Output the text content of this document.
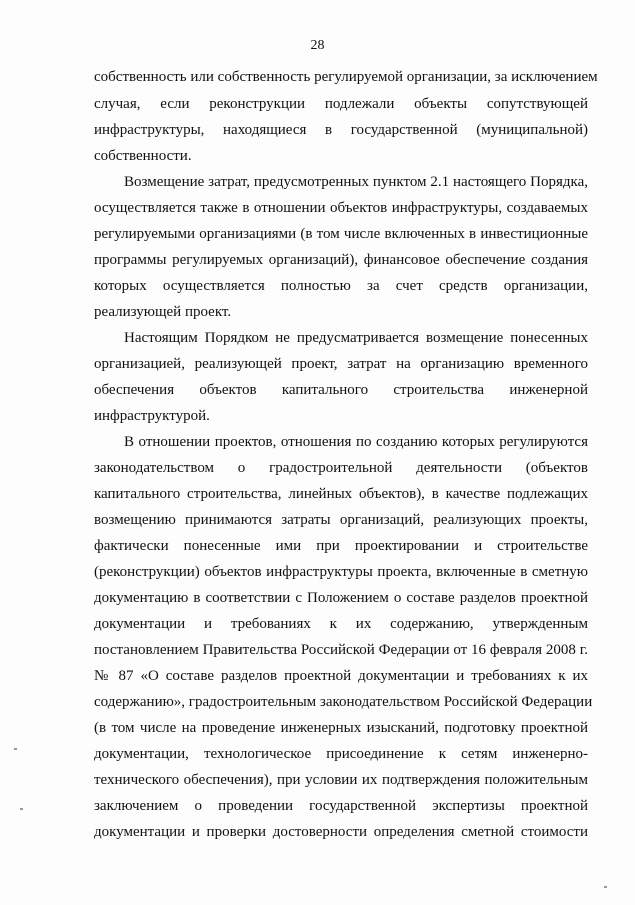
28
собственность или собственность регулируемой организации, за исключением
случая, если реконструкции подлежали объекты сопутствующей
инфраструктуры, находящиеся в государственной (муниципальной)
собственности.
Возмещение затрат, предусмотренных пунктом 2.1 настоящего Порядка,
осуществляется также в отношении объектов инфраструктуры, создаваемых
регулируемыми организациями (в том числе включенных в инвестиционные
программы регулируемых организаций), финансовое обеспечение создания
которых осуществляется полностью за счет средств организации,
реализующей проект.
Настоящим Порядком не предусматривается возмещение понесенных
организацией, реализующей проект, затрат на организацию временного
обеспечения объектов капитального строительства инженерной
инфраструктурой.
В отношении проектов, отношения по созданию которых регулируются
законодательством о градостроительной деятельности (объектов
капитального строительства, линейных объектов), в качестве подлежащих
возмещению принимаются затраты организаций, реализующих проекты,
фактически понесенные ими при проектировании и строительстве
(реконструкции) объектов инфраструктуры проекта, включенные в сметную
документацию в соответствии с Положением о составе разделов проектной
документации и требованиях к их содержанию, утвержденным
постановлением Правительства Российской Федерации от 16 февраля 2008 г.
№ 87 «О составе разделов проектной документации и требованиях к их
содержанию», градостроительным законодательством Российской Федерации
(в том числе на проведение инженерных изысканий, подготовку проектной
документации, технологическое присоединение к сетям инженерно-
технического обеспечения), при условии их подтверждения положительным
заключением о проведении государственной экспертизы проектной
документации и проверки достоверности определения сметной стоимости
